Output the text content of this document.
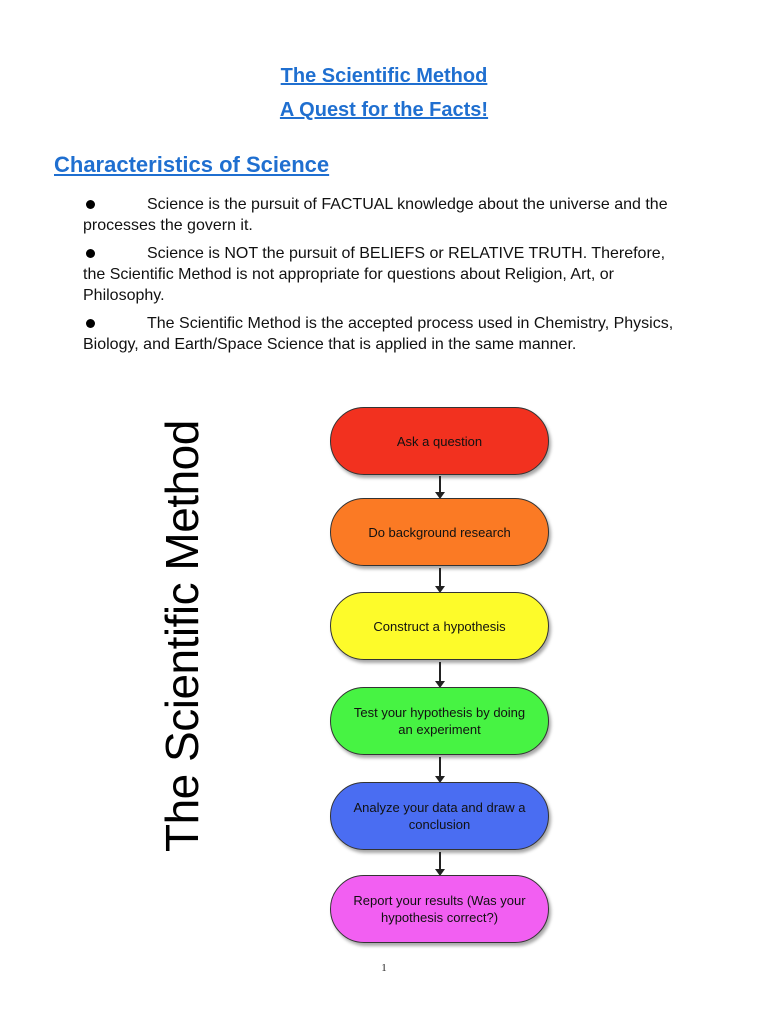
The Scientific Method
A Quest for the Facts!
Characteristics of Science
Science is the pursuit of FACTUAL knowledge about the universe and the processes the govern it.
Science is NOT the pursuit of BELIEFS or RELATIVE TRUTH. Therefore, the Scientific Method is not appropriate for questions about Religion, Art, or Philosophy.
The Scientific Method is the accepted process used in Chemistry, Physics, Biology, and Earth/Space Science that is applied in the same manner.
The Scientific Method	Ask a question
Do background research
Construct a hypothesis
Test your hypothesis by doing an experiment
Analyze your data and draw a conclusion
Report your results (Was your hypothesis correct?)
1
